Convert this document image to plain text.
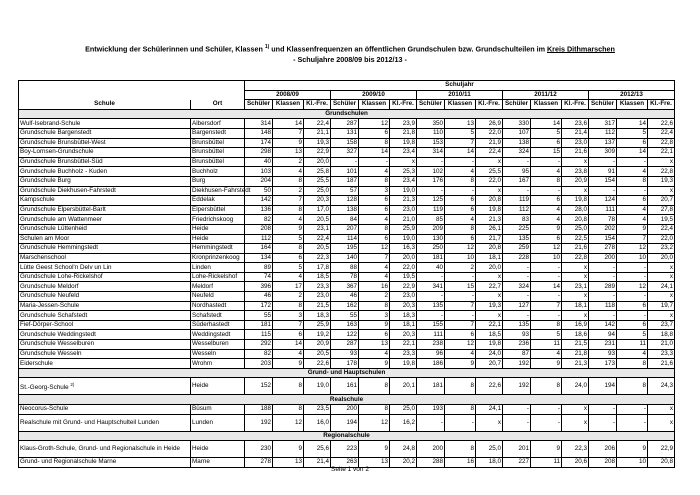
Entwicklung der Schülerinnen und Schüler, Klassen $^{1)}$ und Klassenfrequenzen an öffentlichen Grundschulen bzw. Grundschulteilen im Kreis Dithmarschen
- Schuljahre 2008/09 bis 2012/13 -
		Schuljahr														
		2008/09			2009/10			2010/11			2011/12			2012/13		
Schule	Ort	Schüler	Klassen	Kl.-Fre.	Schüler	Klassen	Kl.-Fre.	Schüler	Klassen	Kl.-Fre.	Schüler	Klassen	Kl.-Fre.	Schüler	Klassen	Kl.-Fre.
Grundschulen																
Wulf-Isebrand-Schule	Albersdorf	314	14	22,4	287	12	23,9	350	13	26,9	330	14	23,6	317	14	22,6
Grundschule Bargenstedt	Bargenstedt	148	7	21,1	131	6	21,8	110	5	22,0	107	5	21,4	112	5	22,4
Grundschule Brunsbüttel-West	Brunsbüttel	174	9	19,3	158	8	19,8	153	7	21,9	138	6	23,0	137	6	22,8
Boy-Lornsen-Grundschule	Brunsbüttel	298	13	22,9	327	14	23,4	314	14	22,4	324	15	21,6	309	14	22,1
Grundschule Brunsbüttel-Süd	Brunsbüttel	40	2	20,0	-	-	x	-	-	x	-	-	x	-	-	x
Grundschule Buchholz - Kuden	Buchholz	103	4	25,8	101	4	25,3	102	4	25,5	95	4	23,8	91	4	22,8
Grundschule Burg	Burg	204	8	25,5	187	8	23,4	176	8	22,0	167	8	20,9	154	8	19,3
Grundschule Diekhusen-Fahrstedt	Diekhusen-Fahrstedt	50	2	25,0	57	3	19,0	-	-	x	-	-	x	-	-	x
Kampschule	Eddelak	142	7	20,3	128	6	21,3	125	6	20,8	119	6	19,8	124	6	20,7
Grundschule Elpersbüttel-Barlt	Elpersbüttel	136	8	17,0	138	6	23,0	119	6	19,8	112	4	28,0	111	4	27,8
Grundschule am Wattenmeer	Friedrichskoog	82	4	20,5	84	4	21,0	85	4	21,3	83	4	20,8	78	4	19,5
Grundschule Lüttenheid	Heide	208	9	23,1	207	8	25,9	209	8	26,1	225	9	25,0	202	9	22,4
Schulen am Moor	Heide	112	5	22,4	114	6	19,0	130	6	21,7	135	6	22,5	154	7	22,0
Grundschule Hemmingstedt	Hemmingstedt	164	8	20,5	195	12	16,3	250	12	20,8	259	12	21,6	278	12	23,2
Marschenschool	Kronprinzenkoog	134	6	22,3	140	7	20,0	181	10	18,1	228	10	22,8	200	10	20,0
Lütte Geest School'n Delv un Lin	Linden	89	5	17,8	88	4	22,0	40	2	20,0	-	-	x	-	-	x
Grundschule Lohe-Rickelshof	Lohe-Rickelshof	74	4	18,5	78	4	19,5	-	-	x	-	-	x	-	-	x
Grundschule Meldorf	Meldorf	396	17	23,3	367	16	22,9	341	15	22,7	324	14	23,1	289	12	24,1
Grundschule Neufeld	Neufeld	46	2	23,0	46	2	23,0	-	-	x	-	-	x	-	-	x
Maria-Jessen-Schule	Nordhastedt	172	8	21,5	162	8	20,3	135	7	19,3	127	7	18,1	118	6	19,7
Grundschule Schafstedt	Schafstedt	55	3	18,3	55	3	18,3	-	-	x	-	-	x	-	-	x
Fief-Dörper-School	Süderhastedt	181	7	25,9	163	9	18,1	155	7	22,1	135	8	16,9	142	6	23,7
Grundschule Weddingstedt	Weddingstedt	115	6	19,2	122	6	20,3	111	6	18,5	93	5	18,6	94	5	18,8
Grundschule Wesselburen	Wesselburen	292	14	20,9	287	13	22,1	238	12	19,8	236	11	21,5	231	11	21,0
Grundschule Wesseln	Wesseln	82	4	20,5	93	4	23,3	96	4	24,0	87	4	21,8	93	4	23,3
Eiderschule	Wrohm	203	9	22,6	178	9	19,8	186	9	20,7	192	9	21,3	173	8	21,6
Grund- und Hauptschulen																
St.-Georg-Schule $^{2)}$	Heide	152	8	19,0	161	8	20,1	181	8	22,6	192	8	24,0	194	8	24,3
Realschule																
Neocorus-Schule	Büsum	188	8	23,5	200	8	25,0	193	8	24,1	-	-	x	-	-	x
Realschule mit Grund- und Hauptschulteil Lunden	Lunden	192	12	16,0	194	12	16,2	-	-	x	-	-	x	-	-	x
Regionalschule																
Klaus-Groth-Schule, Grund- und Regionalschule in Heide	Heide	230	9	25,6	223	9	24,8	200	8	25,0	201	9	22,3	206	9	22,9
Grund- und Regionalschule Marne	Marne	278	13	21,4	263	13	20,2	288	16	18,0	227	11	20,6	208	10	20,8
Seite 1 von 2
